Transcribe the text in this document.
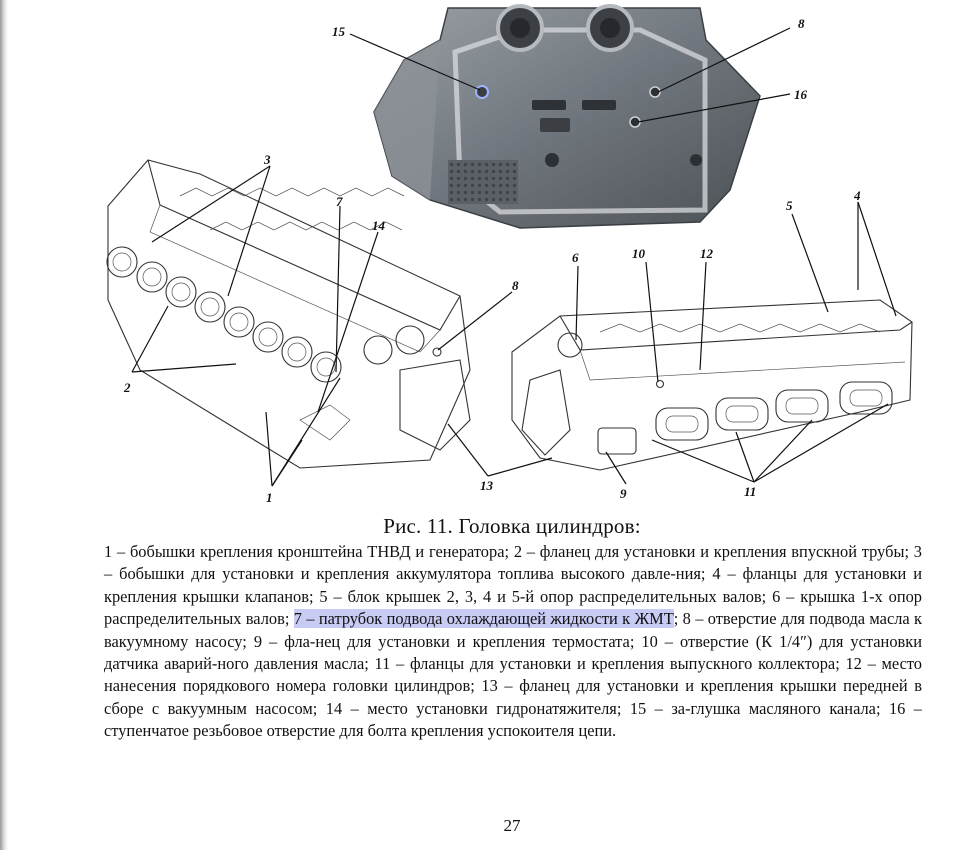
15
8
16
3
7
14
8
2
1
13
6	10	12
5
4
9	11
Рис. 11. Головка цилиндров:
1 – бобышки крепления кронштейна ТНВД и генератора; 2 – фланец для установки и крепления впускной трубы; 3 – бобышки для установки и крепления аккумулятора топлива высокого давле-ния; 4 – фланцы для установки и крепления крышки клапанов; 5 – блок крышек 2, 3, 4 и 5-й опор распределительных валов; 6 – крышка 1-х опор распределительных валов; 7 – патрубок подвода охлаждающей жидкости к ЖМТ; 8 – отверстие для подвода масла к вакуумному насосу; 9 – фла-нец для установки и крепления термостата; 10 – отверстие (К 1/4″) для установки датчика аварий-ного давления масла; 11 – фланцы для установки и крепления выпускного коллектора; 12 – место нанесения порядкового номера головки цилиндров; 13 – фланец для установки и крепления крышки передней в сборе с вакуумным насосом; 14 – место установки гидронатяжителя; 15 – за-глушка масляного канала; 16 – ступенчатое резьбовое отверстие для болта крепления успокоителя цепи.
27
